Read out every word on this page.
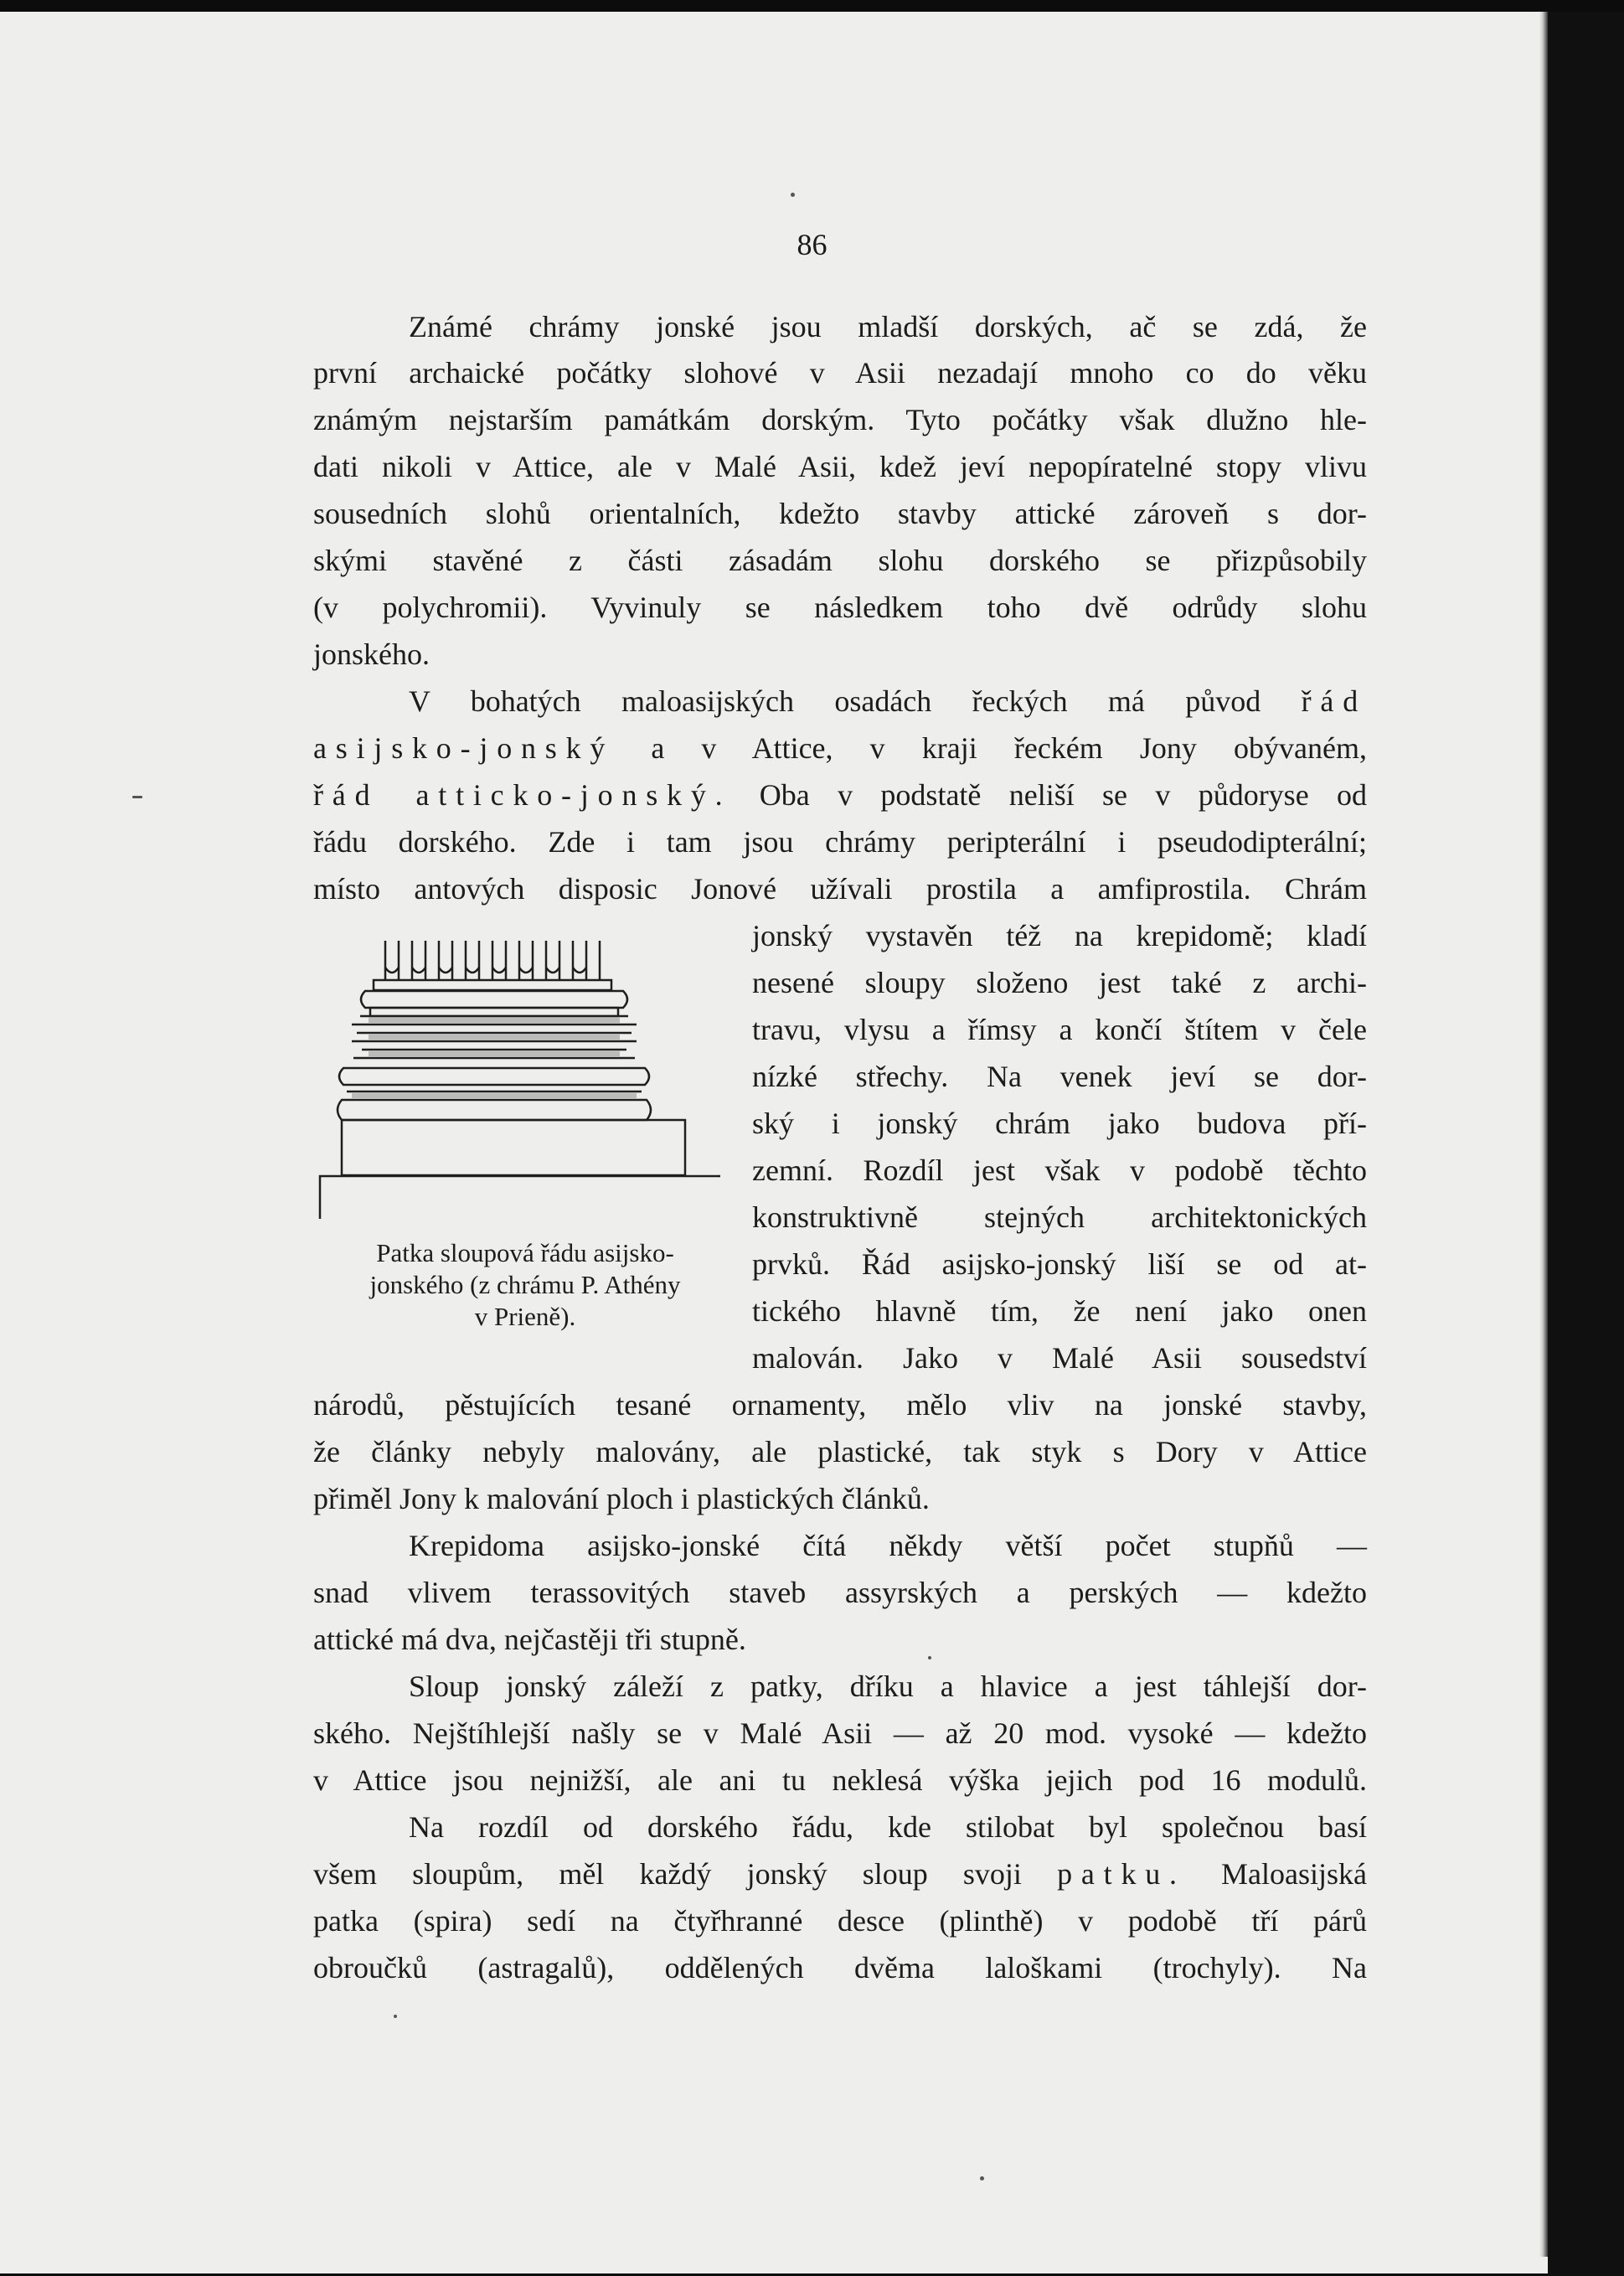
86
Známé chrámy jonské jsou mladší dorských, ač se zdá, že
první archaické počátky slohové v Asii nezadají mnoho co do věku
známým nejstarším památkám dorským. Tyto počátky však dlužno hle-
dati nikoli v Attice, ale v Malé Asii, kdež jeví nepopíratelné stopy vlivu
sousedních slohů orientalních, kdežto stavby attické zároveň s dor-
skými stavěné z části zásadám slohu dorského se přizpůsobily
(v polychromii). Vyvinuly se následkem toho dvě odrůdy slohu
jonského.
V bohatých maloasijských osadách řeckých má původ řád
asijsko-jonský a v Attice, v kraji řeckém Jony obývaném,
řád atticko-jonský. Oba v podstatě neliší se v půdoryse od
řádu dorského. Zde i tam jsou chrámy peripterální i pseudodipterální;
místo antových disposic Jonové užívali prostila a amfiprostila. Chrám
jonský vystavěn též na krepidomě; kladí
nesené sloupy složeno jest také z archi-
travu, vlysu a římsy a končí štítem v čele
nízké střechy. Na venek jeví se dor-
ský i jonský chrám jako budova pří-
zemní. Rozdíl jest však v podobě těchto
konstruktivně stejných architektonických
prvků. Řád asijsko-jonský liší se od at-
tického hlavně tím, že není jako onen
malován. Jako v Malé Asii sousedství
Patka sloupová řádu asijsko-
jonského (z chrámu P. Athény
v Prieně).
národů, pěstujících tesané ornamenty, mělo vliv na jonské stavby,
že články nebyly malovány, ale plastické, tak styk s Dory v Attice
přiměl Jony k malování ploch i plastických článků.
Krepidoma asijsko-jonské čítá někdy větší počet stupňů —
snad vlivem terassovitých staveb assyrských a perských — kdežto
attické má dva, nejčastěji tři stupně.
Sloup jonský záleží z patky, dříku a hlavice a jest táhlejší dor-
ského. Nejštíhlejší našly se v Malé Asii — až 20 mod. vysoké — kdežto
v Attice jsou nejnižší, ale ani tu neklesá výška jejich pod 16 modulů.
Na rozdíl od dorského řádu, kde stilobat byl společnou basí
všem sloupům, měl každý jonský sloup svoji patku. Maloasijská
patka (spira) sedí na čtyřhranné desce (plinthě) v podobě tří párů
obroučků (astragalů), oddělených dvěma laloškami (trochyly). Na
